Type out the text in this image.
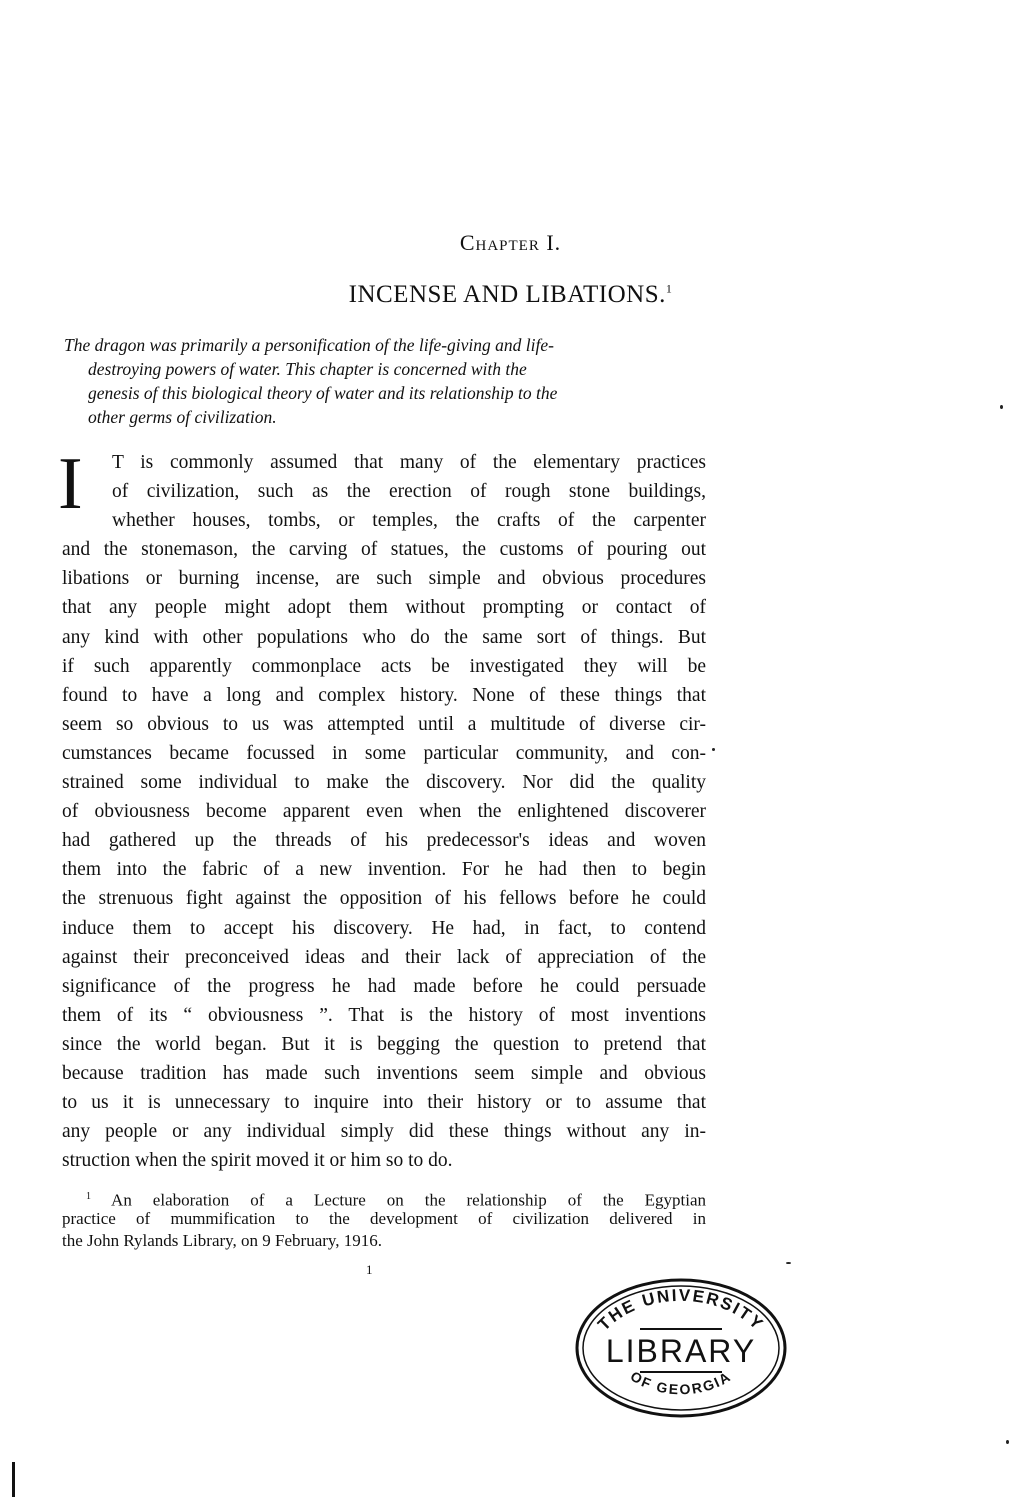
Chapter I.
INCENSE AND LIBATIONS.$^1$
The dragon was primarily a personification of the life-giving and life-
destroying powers of water. This chapter is concerned with the
genesis of this biological theory of water and its relationship to the
other germs of civilization.
I	T is commonly assumed that many of the elementary practices
of civilization, such as the erection of rough stone buildings,
whether houses, tombs, or temples, the crafts of the carpenter
and the stonemason, the carving of statues, the customs of pouring out
libations or burning incense, are such simple and obvious procedures
that any people might adopt them without prompting or contact of
any kind with other populations who do the same sort of things. But
if such apparently commonplace acts be investigated they will be
found to have a long and complex history. None of these things that
seem so obvious to us was attempted until a multitude of diverse cir-
cumstances became focussed in some particular community, and con-
strained some individual to make the discovery. Nor did the quality
of obviousness become apparent even when the enlightened discoverer
had gathered up the threads of his predecessor's ideas and woven
them into the fabric of a new invention. For he had then to begin
the strenuous fight against the opposition of his fellows before he could
induce them to accept his discovery. He had, in fact, to contend
against their preconceived ideas and their lack of appreciation of the
significance of the progress he had made before he could persuade
them of its “ obviousness ”. That is the history of most inventions
since the world began. But it is begging the question to pretend that
because tradition has made such inventions seem simple and obvious
to us it is unnecessary to inquire into their history or to assume that
any people or any individual simply did these things without any in-
struction when the spirit moved it or him so to do.
$^1$ An elaboration of a Lecture on the relationship of the Egyptian
practice of mummification to the development of civilization delivered in
the John Rylands Library, on 9 February, 1916.
1
THE UNIVERSITY
LIBRARY
OF GEORGIA
